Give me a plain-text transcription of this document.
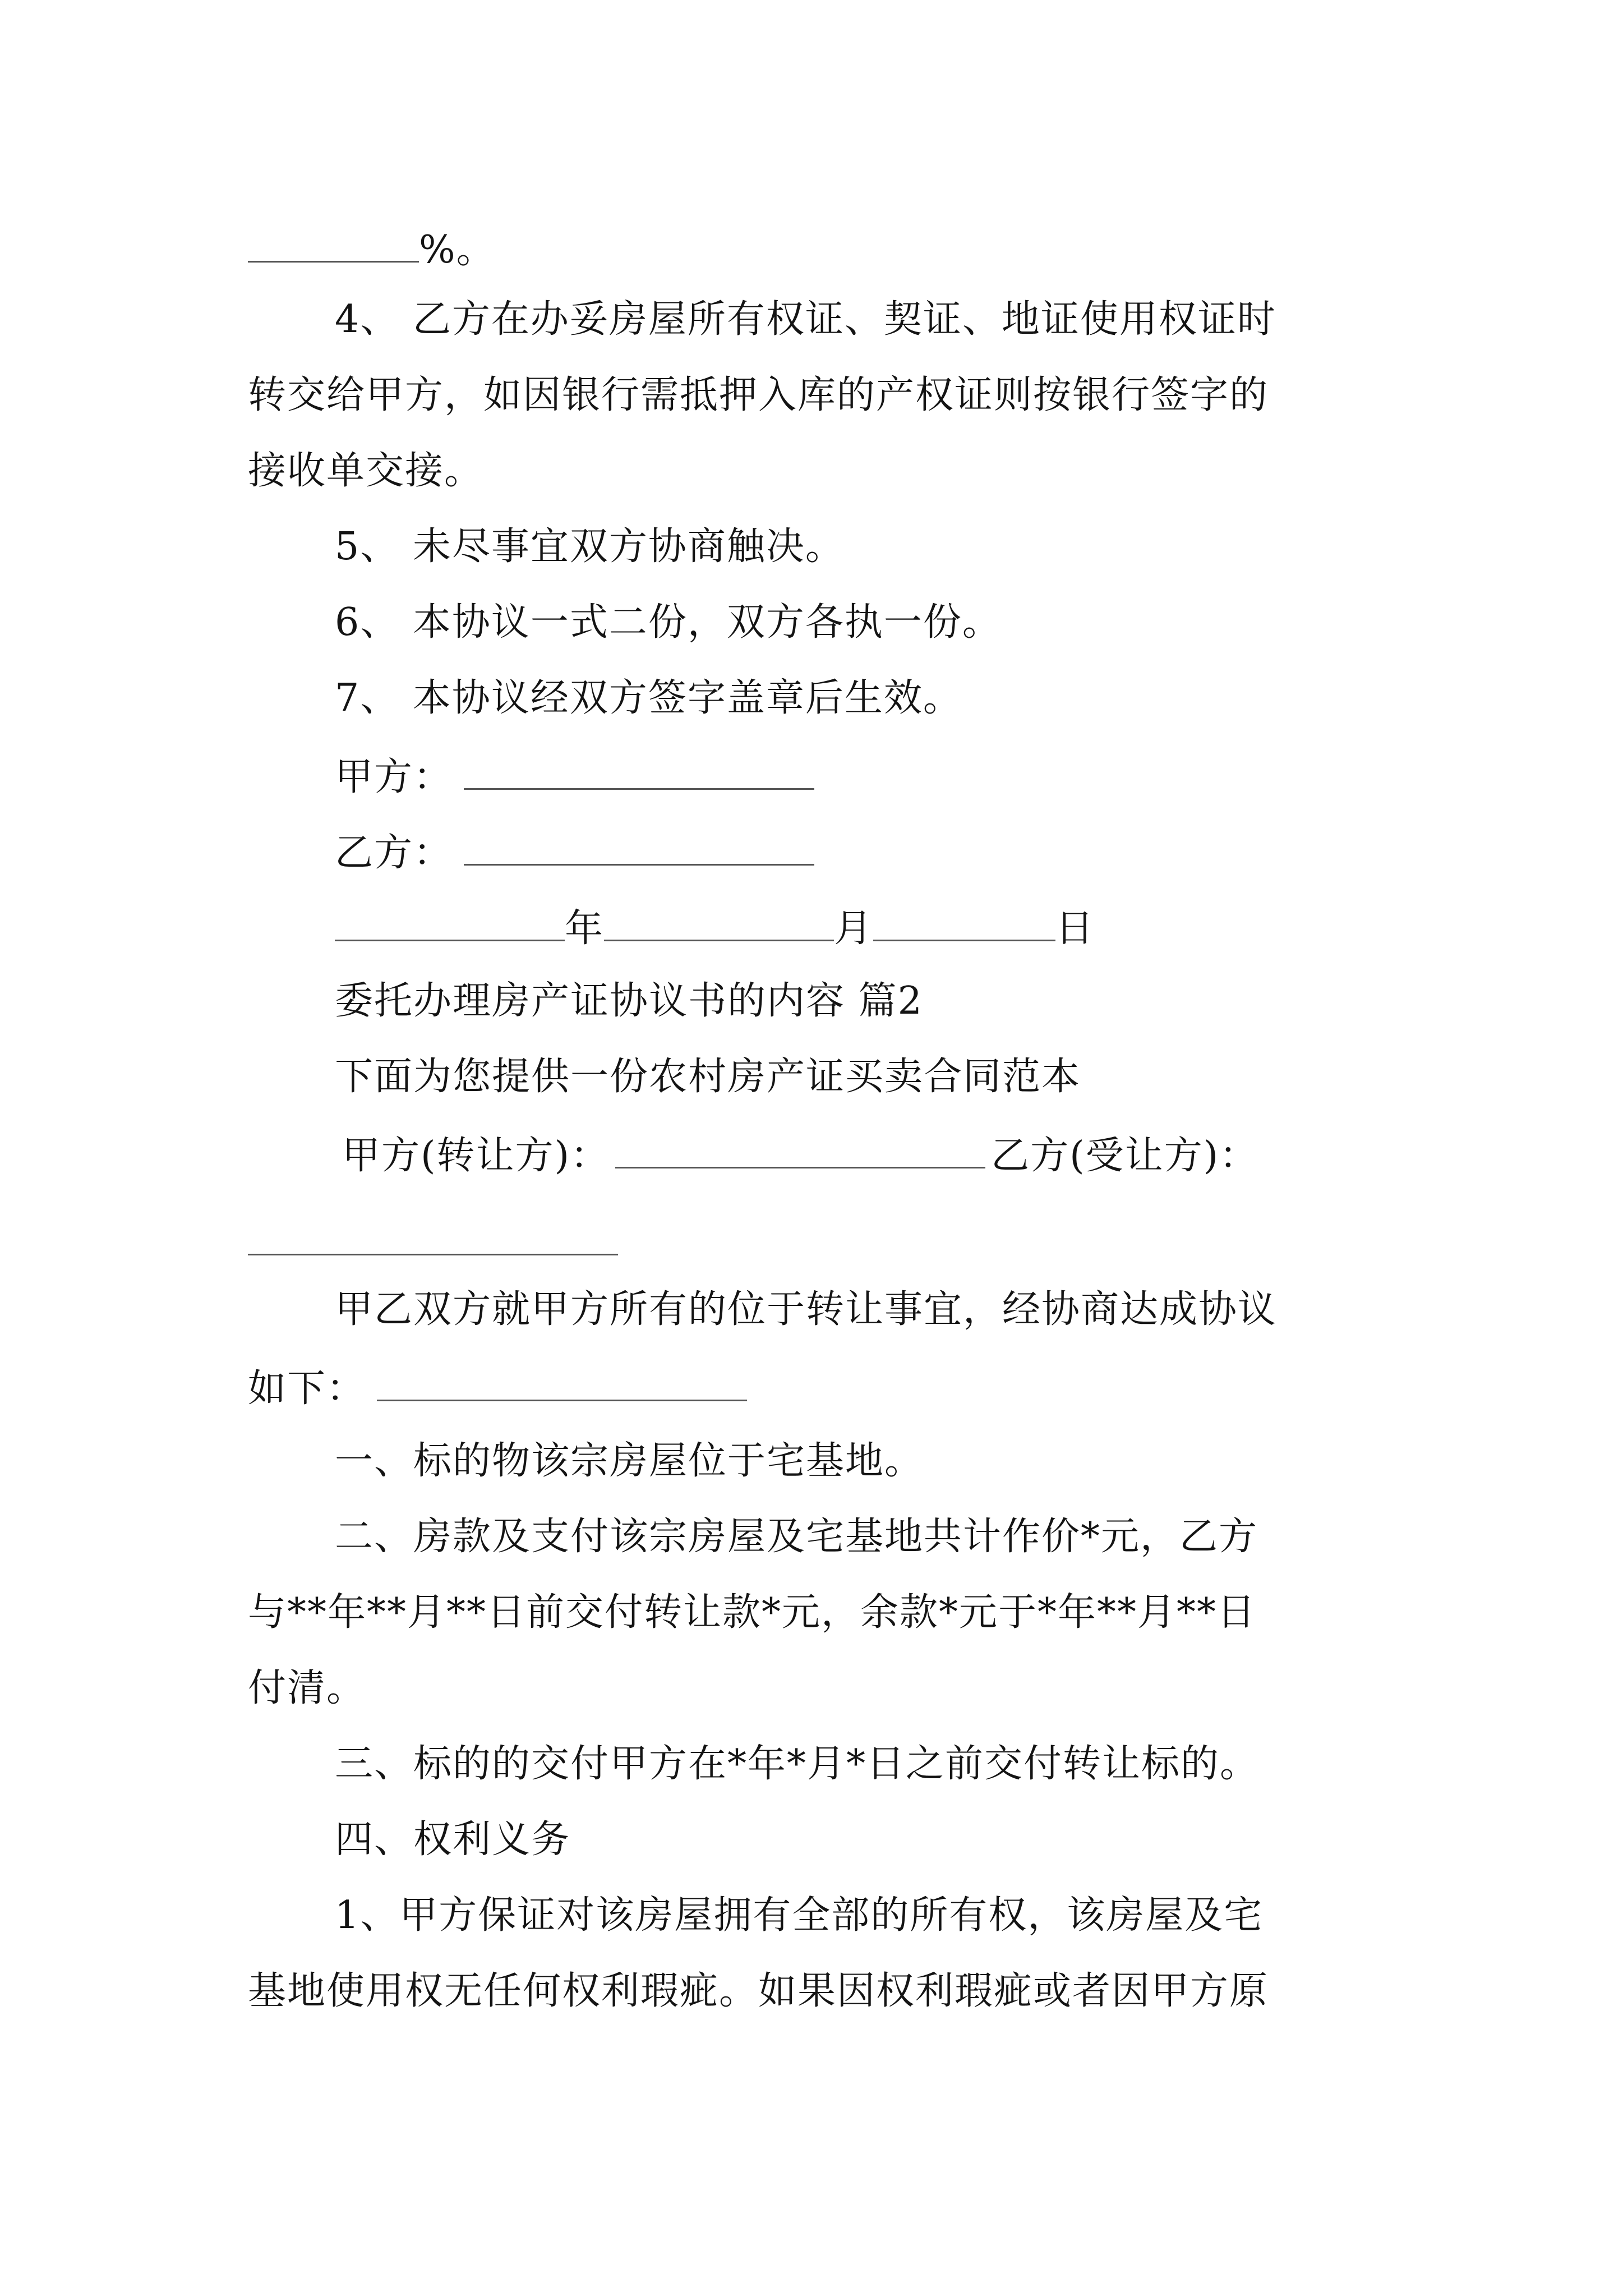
%。
4、 乙方在办妥房屋所有权证、契证、地证使用权证时
转交给甲方，如因银行需抵押入库的产权证则按银行签字的
接收单交接。
5、 未尽事宜双方协商触决。
6、 本协议一式二份，双方各执一份。
7、 本协议经双方签字盖章后生效。
甲方：
乙方：
年	月	日
委托办理房产证协议书的内容 篇2
下面为您提供一份农村房产证买卖合同范本
甲方(转让方)：	乙方(受让方)：
甲乙双方就甲方所有的位于转让事宜，经协商达成协议
如下：
一、标的物该宗房屋位于宅基地。
二、房款及支付该宗房屋及宅基地共计作价*元，乙方
与**年**月**日前交付转让款*元，余款*元于*年**月**日
付清。
三、标的的交付甲方在*年*月*日之前交付转让标的。
四、权利义务
1、甲方保证对该房屋拥有全部的所有权，该房屋及宅
基地使用权无任何权利瑕疵。如果因权利瑕疵或者因甲方原
